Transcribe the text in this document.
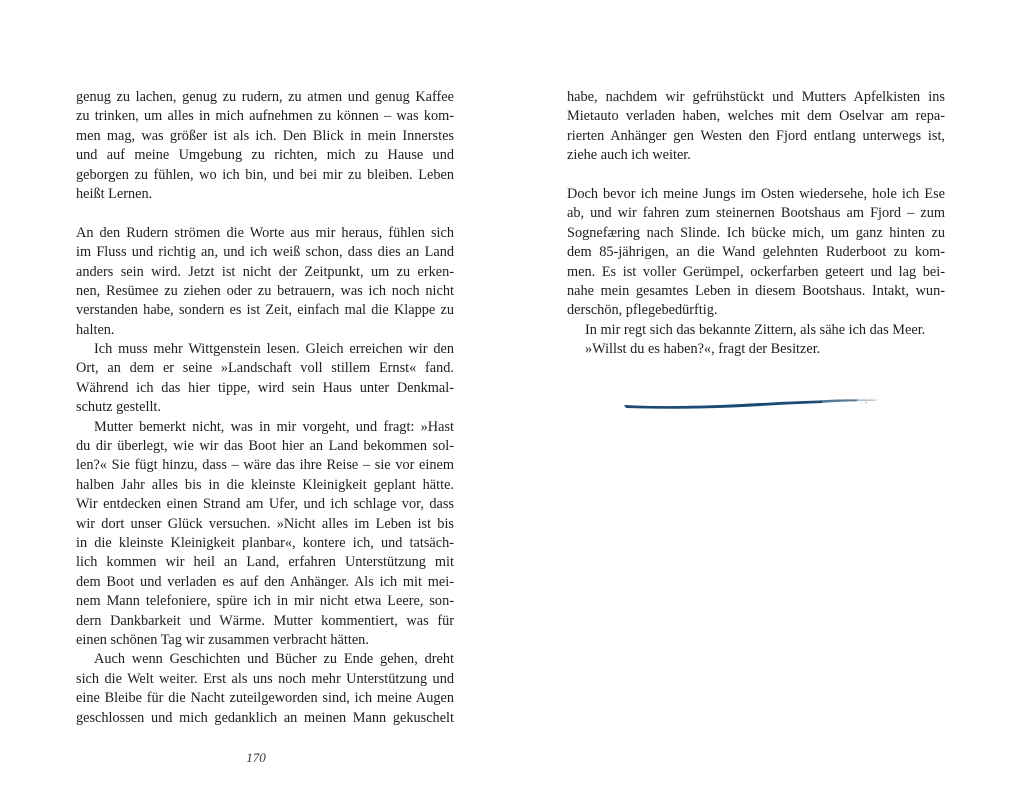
genug zu lachen, genug zu rudern, zu atmen und genug Kaffee
zu trinken, um alles in mich aufnehmen zu können – was kom-
men mag, was größer ist als ich. Den Blick in mein Innerstes
und auf meine Umgebung zu richten, mich zu Hause und
geborgen zu fühlen, wo ich bin, und bei mir zu bleiben. Leben
heißt Lernen.
An den Rudern strömen die Worte aus mir heraus, fühlen sich
im Fluss und richtig an, und ich weiß schon, dass dies an Land
anders sein wird. Jetzt ist nicht der Zeitpunkt, um zu erken-
nen, Resümee zu ziehen oder zu betrauern, was ich noch nicht
verstanden habe, sondern es ist Zeit, einfach mal die Klappe zu
halten.
Ich muss mehr Wittgenstein lesen. Gleich erreichen wir den
Ort, an dem er seine »Landschaft voll stillem Ernst« fand.
Während ich das hier tippe, wird sein Haus unter Denkmal-
schutz gestellt.
Mutter bemerkt nicht, was in mir vorgeht, und fragt: »Hast
du dir überlegt, wie wir das Boot hier an Land bekommen sol-
len?« Sie fügt hinzu, dass – wäre das ihre Reise – sie vor einem
halben Jahr alles bis in die kleinste Kleinigkeit geplant hätte.
Wir entdecken einen Strand am Ufer, und ich schlage vor, dass
wir dort unser Glück versuchen. »Nicht alles im Leben ist bis
in die kleinste Kleinigkeit planbar«, kontere ich, und tatsäch-
lich kommen wir heil an Land, erfahren Unterstützung mit
dem Boot und verladen es auf den Anhänger. Als ich mit mei-
nem Mann telefoniere, spüre ich in mir nicht etwa Leere, son-
dern Dankbarkeit und Wärme. Mutter kommentiert, was für
einen schönen Tag wir zusammen verbracht hätten.
Auch wenn Geschichten und Bücher zu Ende gehen, dreht
sich die Welt weiter. Erst als uns noch mehr Unterstützung und
eine Bleibe für die Nacht zuteilgeworden sind, ich meine Augen
geschlossen und mich gedanklich an meinen Mann gekuschelt
170
habe, nachdem wir gefrühstückt und Mutters Apfelkisten ins
Mietauto verladen haben, welches mit dem Oselvar am repa-
rierten Anhänger gen Westen den Fjord entlang unterwegs ist,
ziehe auch ich weiter.
Doch bevor ich meine Jungs im Osten wiedersehe, hole ich Ese
ab, und wir fahren zum steinernen Bootshaus am Fjord – zum
Sognefæring nach Slinde. Ich bücke mich, um ganz hinten zu
dem 85-jährigen, an die Wand gelehnten Ruderboot zu kom-
men. Es ist voller Gerümpel, ockerfarben geteert und lag bei-
nahe mein gesamtes Leben in diesem Bootshaus. Intakt, wun-
derschön, pflegebedürftig.
In mir regt sich das bekannte Zittern, als sähe ich das Meer.
»Willst du es haben?«, fragt der Besitzer.
